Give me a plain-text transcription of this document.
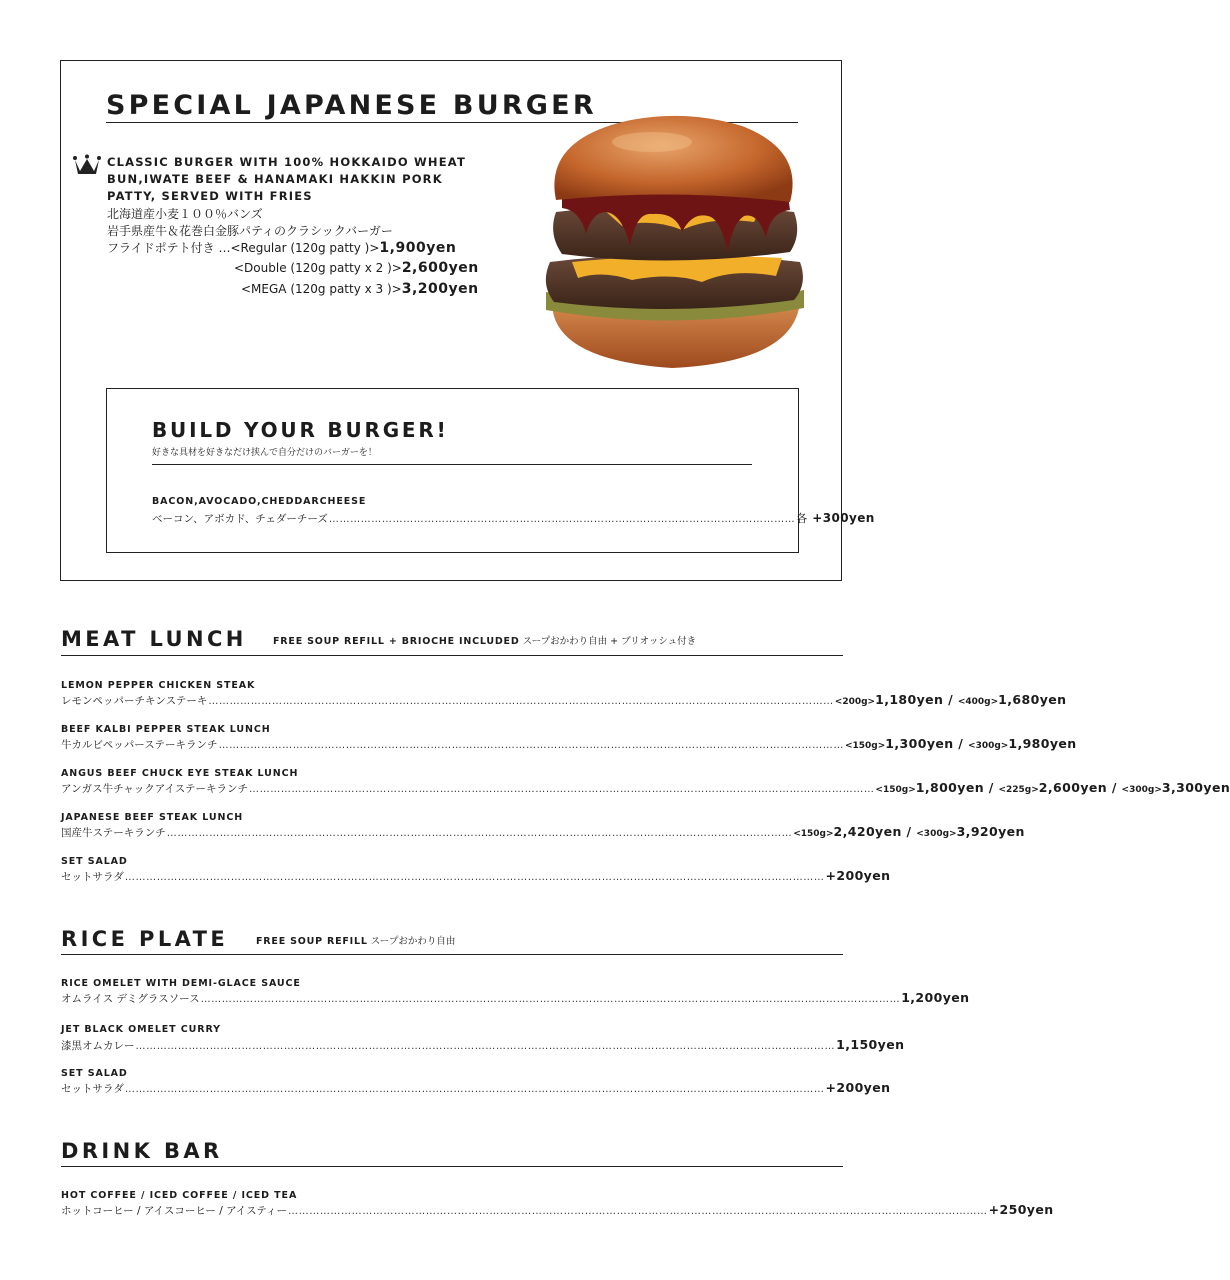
SPECIAL JAPANESE BURGER
CLASSIC BURGER WITH 100% HOKKAIDO WHEAT
BUN,IWATE BEEF & HANAMAKI HAKKIN PORK
PATTY, SERVED WITH FRIES
北海道産小麦１００％バンズ
岩手県産牛＆花巻白金豚パティのクラシックバーガー
フライドポテト付き …<Regular (120g patty )>1,900yen
<Double (120g patty x 2 )>2,600yen
<MEGA (120g patty x 3 )>3,200yen
BUILD YOUR BURGER!
好きな具材を好きなだけ挟んで自分だけのバーガーを！
BACON,AVOCADO,CHEDDARCHEESE
ベーコン、アボカド、チェダーチーズ …………………………………………………………………………………………………………………… 各 +300yen
MEAT LUNCH	FREE SOUP REFILL + BRIOCHE INCLUDED スープおかわり自由 + ブリオッシュ付き
LEMON PEPPER CHICKEN STEAK
レモンペッパーチキンステーキ …………………………………………………………………………………………………………………………………………………………… <200g>1,180yen / <400g>1,680yen
BEEF KALBI PEPPER STEAK LUNCH
牛カルビペッパーステーキランチ …………………………………………………………………………………………………………………………………………………………… <150g>1,300yen / <300g>1,980yen
ANGUS BEEF CHUCK EYE STEAK LUNCH
アンガス牛チャックアイステーキランチ …………………………………………………………………………………………………………………………………………………………… <150g>1,800yen / <225g>2,600yen / <300g>3,300yen
JAPANESE BEEF STEAK LUNCH
国産牛ステーキランチ …………………………………………………………………………………………………………………………………………………………… <150g>2,420yen / <300g>3,920yen
SET SALAD
セットサラダ ……………………………………………………………………………………………………………………………………………………………………………… +200yen
RICE PLATE	FREE SOUP REFILL スープおかわり自由
RICE OMELET WITH DEMI-GLACE SAUCE
オムライス デミグラスソース ……………………………………………………………………………………………………………………………………………………………………………… 1,200yen
JET BLACK OMELET CURRY
漆黒オムカレー ……………………………………………………………………………………………………………………………………………………………………………… 1,150yen
SET SALAD
セットサラダ ……………………………………………………………………………………………………………………………………………………………………………… +200yen
DRINK BAR
HOT COFFEE / ICED COFFEE / ICED TEA
ホットコーヒー / アイスコーヒー / アイスティー ……………………………………………………………………………………………………………………………………………………………………………… +250yen
